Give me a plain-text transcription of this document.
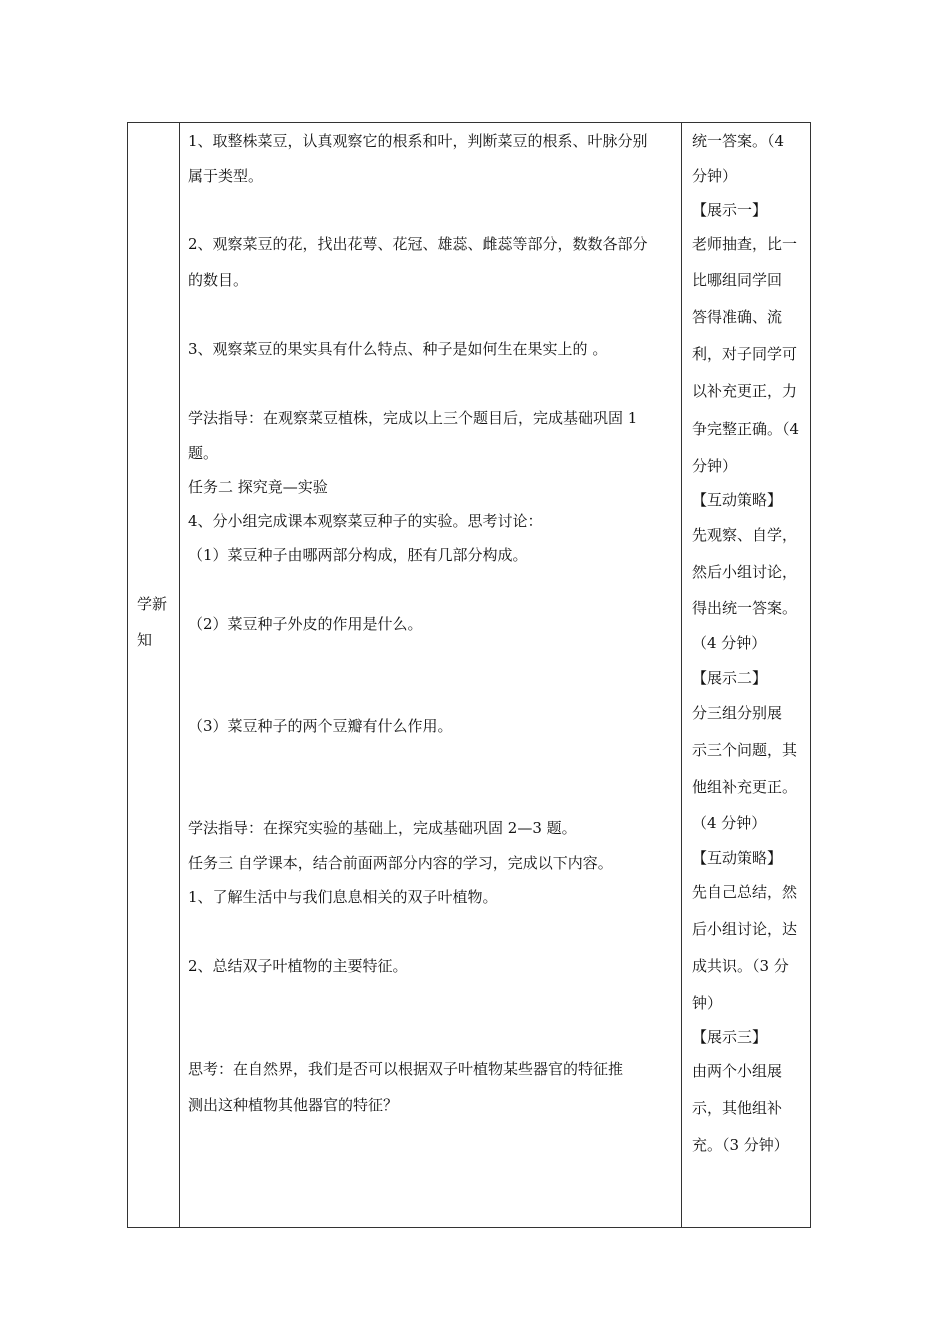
学新知
1、取整株菜豆，认真观察它的根系和叶，判断菜豆的根系、叶脉分别
属于类型。
2、观察菜豆的花，找出花萼、花冠、雄蕊、雌蕊等部分，数数各部分
的数目。
3、观察菜豆的果实具有什么特点、种子是如何生在果实上的 。
学法指导：在观察菜豆植株，完成以上三个题目后，完成基础巩固 1
题。
任务二 探究竟—实验
4、分小组完成课本观察菜豆种子的实验。思考讨论：
（1）菜豆种子由哪两部分构成，胚有几部分构成。
（2）菜豆种子外皮的作用是什么。
（3）菜豆种子的两个豆瓣有什么作用。
学法指导：在探究实验的基础上，完成基础巩固 2—3 题。
任务三 自学课本，结合前面两部分内容的学习，完成以下内容。
1、了解生活中与我们息息相关的双子叶植物。
2、总结双子叶植物的主要特征。
思考：在自然界，我们是否可以根据双子叶植物某些器官的特征推
测出这种植物其他器官的特征？
统一答案。（4
分钟）
【展示一】
老师抽查，比一
比哪组同学回
答得准确、流
利，对子同学可
以补充更正，力
争完整正确。（4
分钟）
【互动策略】
先观察、自学，
然后小组讨论，
得出统一答案。
（4 分钟）
【展示二】
分三组分别展
示三个问题，其
他组补充更正。
（4 分钟）
【互动策略】
先自己总结，然
后小组讨论，达
成共识。（3 分
钟）
【展示三】
由两个小组展
示，其他组补
充。（3 分钟）
